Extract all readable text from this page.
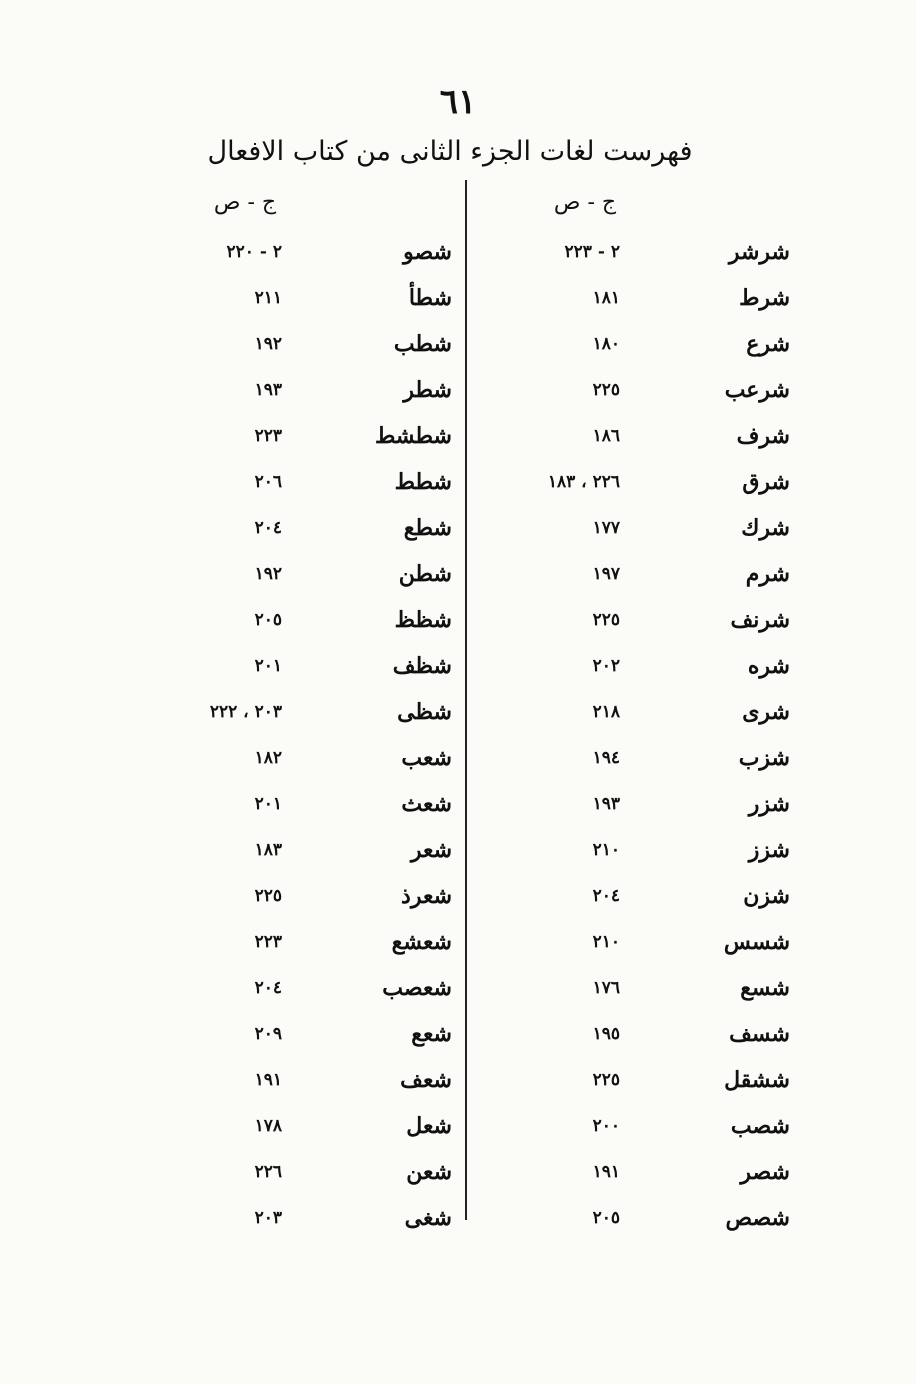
٦١
فهرست لغات الجزء الثانی من کتاب الافعال
ج - ص
ج - ص
شرشر
٢ - ٢٢٣
شرط
١٨١
شرع
١٨٠
شرعب
٢٢٥
شرف
١٨٦
شرق
٢٢٦ ، ١٨٣
شرك
١٧٧
شرم
١٩٧
شرنف
٢٢٥
شره
٢٠٢
شرى
٢١٨
شزب
١٩٤
شزر
١٩٣
شزز
٢١٠
شزن
٢٠٤
شسس
٢١٠
شسع
١٧٦
شسف
١٩٥
ششقل
٢٢٥
شصب
٢٠٠
شصر
١٩١
شصص
٢٠٥
شصو
٢ - ٢٢٠
شطأ
٢١١
شطب
١٩٢
شطر
١٩٣
شطشط
٢٢٣
شطط
٢٠٦
شطع
٢٠٤
شطن
١٩٢
شظظ
٢٠٥
شظف
٢٠١
شظى
٢٠٣ ، ٢٢٢
شعب
١٨٢
شعث
٢٠١
شعر
١٨٣
شعرذ
٢٢٥
شعشع
٢٢٣
شعصب
٢٠٤
شعع
٢٠٩
شعف
١٩١
شعل
١٧٨
شعن
٢٢٦
شغى
٢٠٣
